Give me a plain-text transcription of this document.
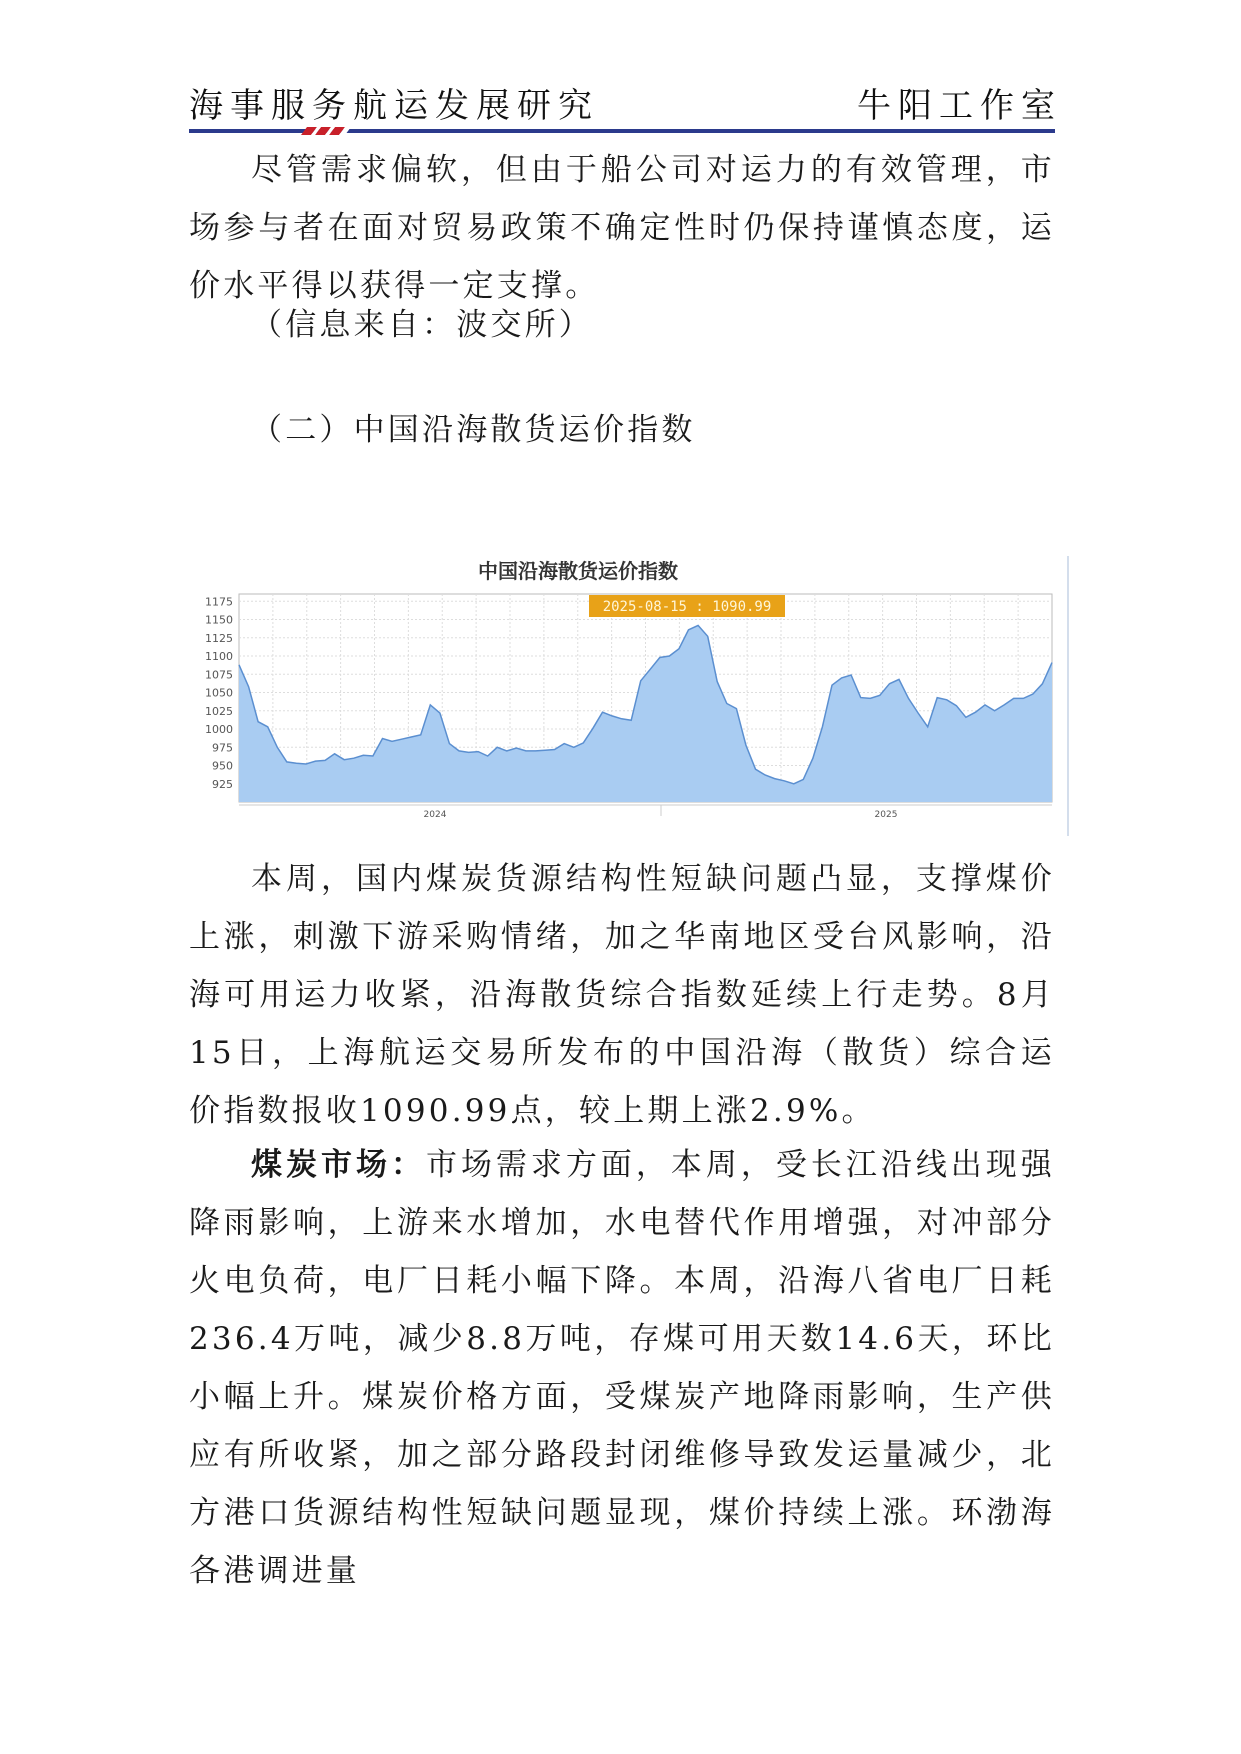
海事服务航运发展研究	牛阳工作室

尽管需求偏软，但由于船公司对运力的有效管理，市场参与者在面对贸易政策不确定性时仍保持谨慎态度，运价水平得以获得一定支撑。

（信息来自：波交所）

（二）中国沿海散货运价指数

中国沿海散货运价指数
925
950
975
1000
1025
1050
1075
1100
1125
1150
1175
2024	2025
2025-08-15 : 1090.99

本周，国内煤炭货源结构性短缺问题凸显，支撑煤价上涨，刺激下游采购情绪，加之华南地区受台风影响，沿海可用运力收紧，沿海散货综合指数延续上行走势。8月15日，上海航运交易所发布的中国沿海（散货）综合运价指数报收1090.99点，较上期上涨2.9%。

煤炭市场：市场需求方面，本周，受长江沿线出现强降雨影响，上游来水增加，水电替代作用增强，对冲部分火电负荷，电厂日耗小幅下降。本周，沿海八省电厂日耗236.4万吨，减少8.8万吨，存煤可用天数14.6天，环比小幅上升。煤炭价格方面，受煤炭产地降雨影响，生产供应有所收紧，加之部分路段封闭维修导致发运量减少，北方港口货源结构性短缺问题显现，煤价持续上涨。环渤海各港调进量
